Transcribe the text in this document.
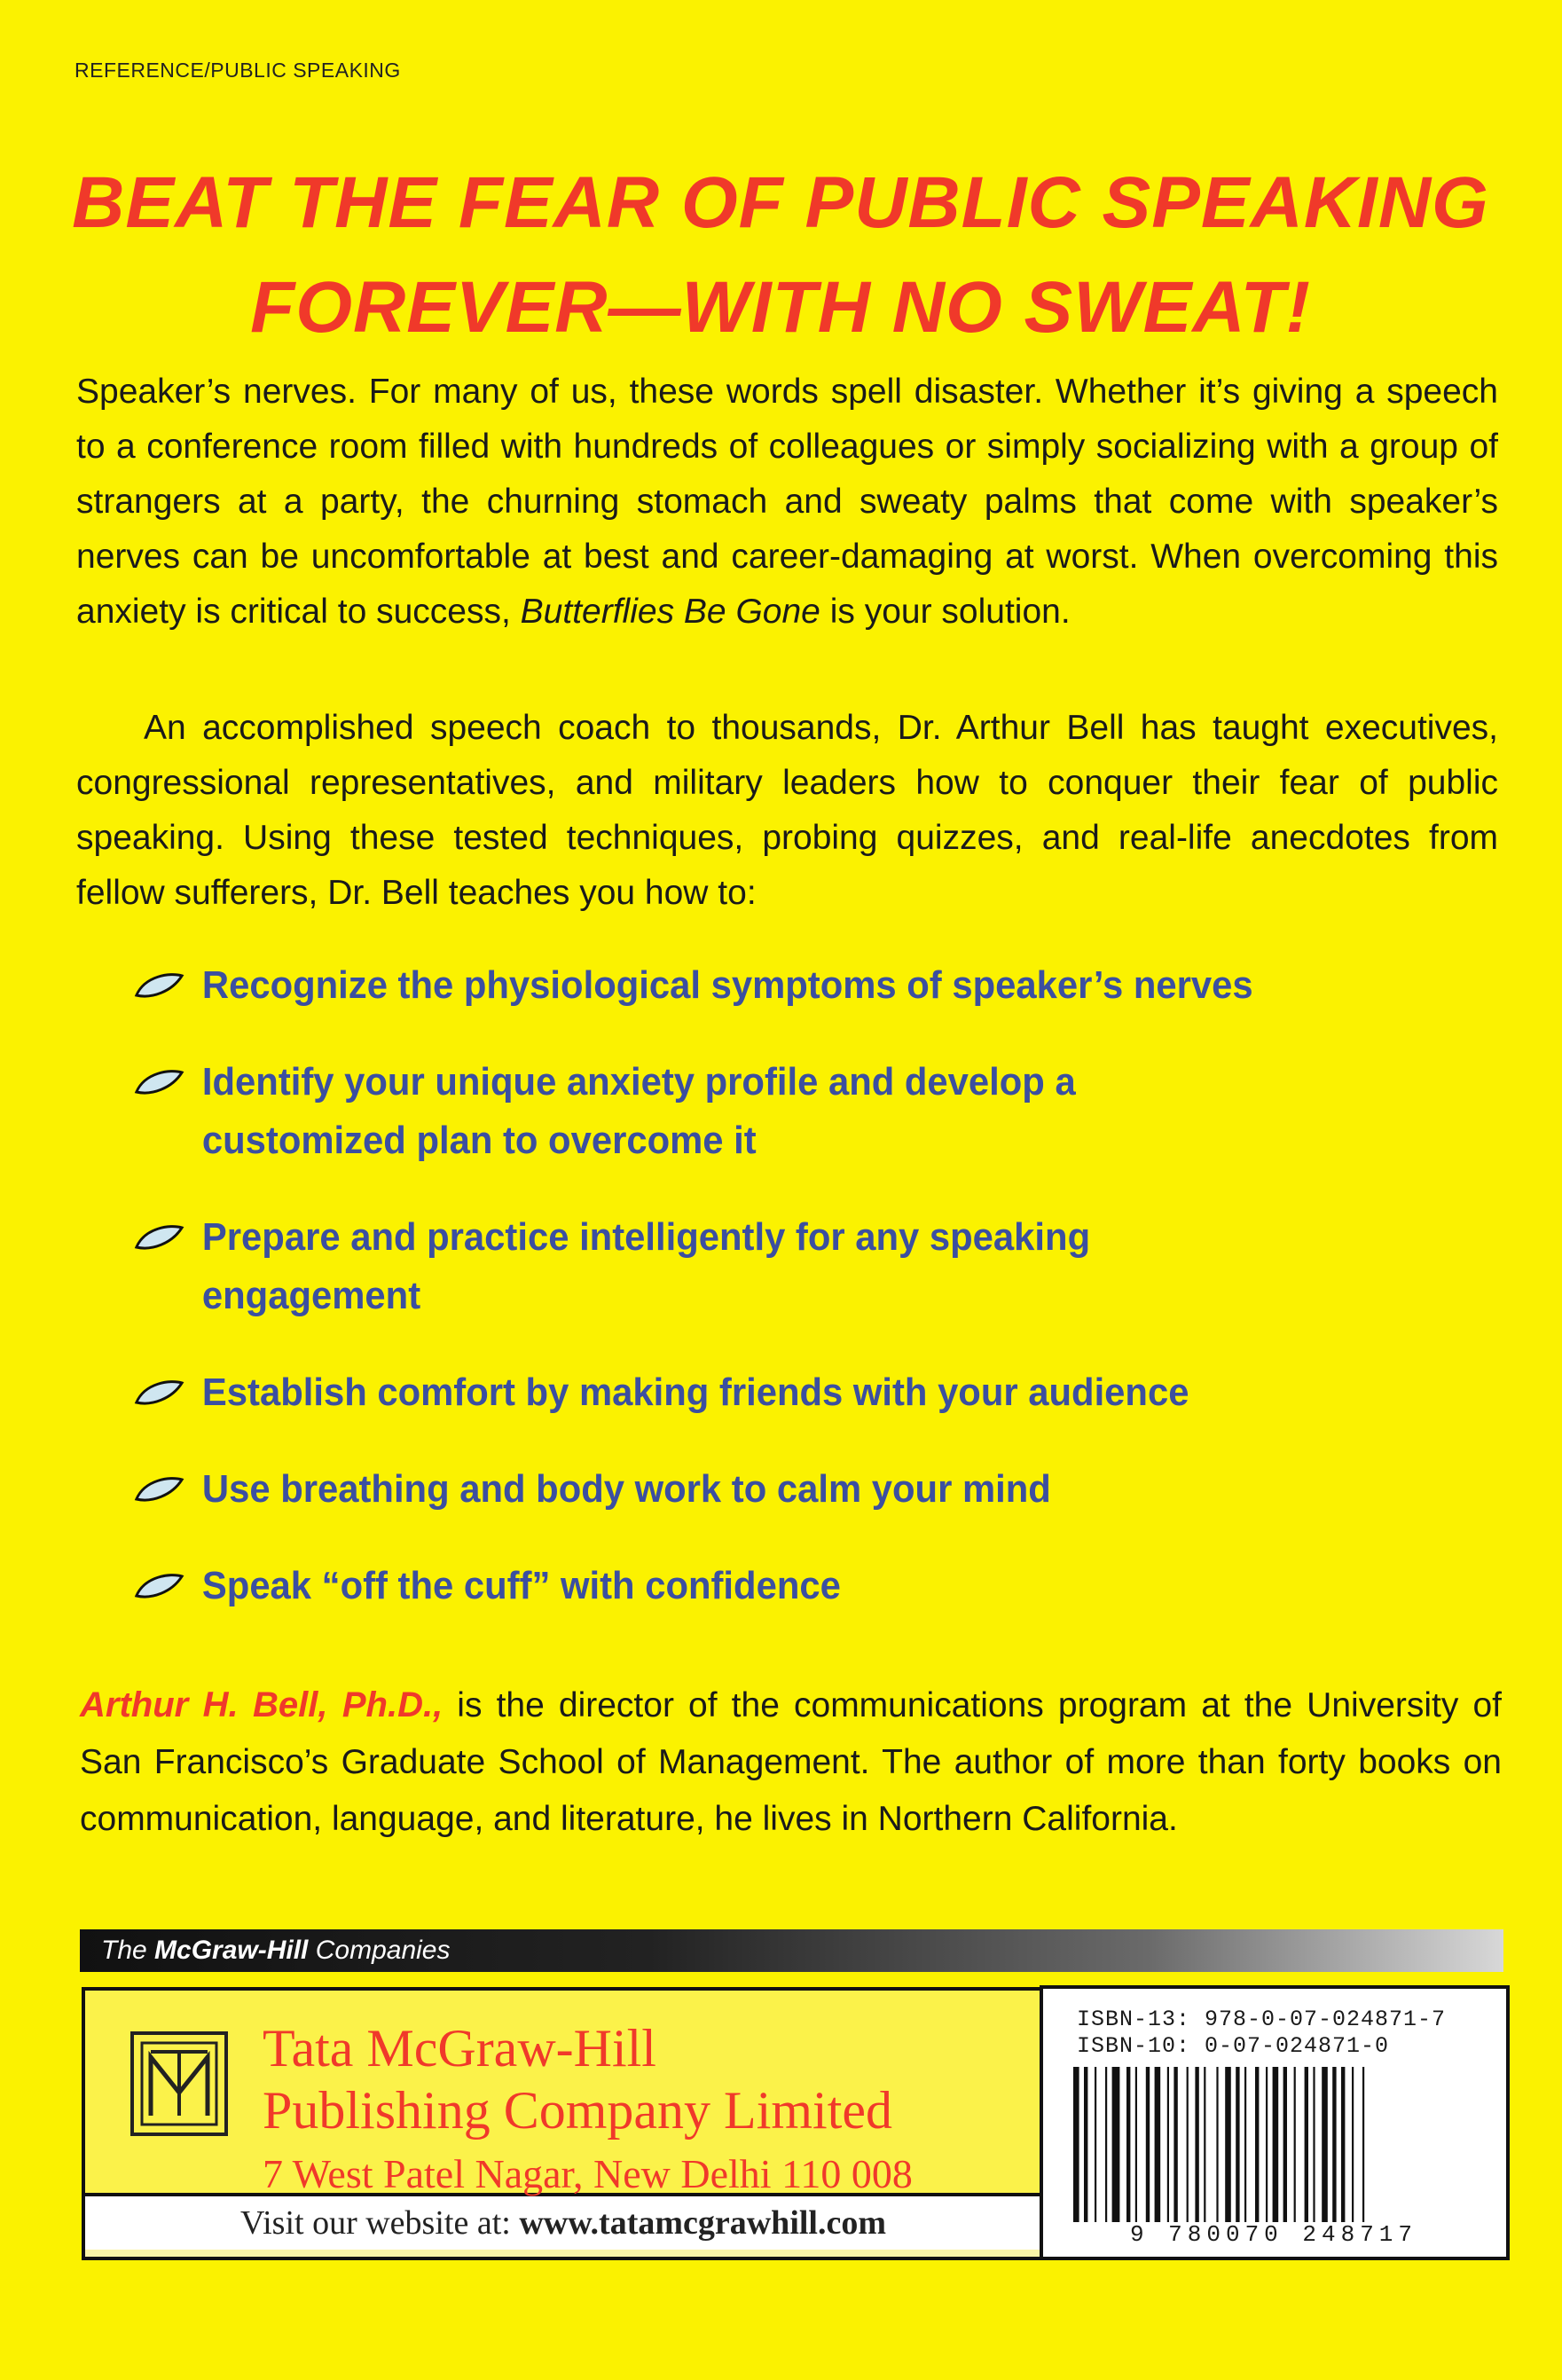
REFERENCE/PUBLIC SPEAKING
BEAT THE FEAR OF PUBLIC SPEAKING
FOREVER—WITH NO SWEAT!

Speaker’s nerves. For many of us, these words spell disaster. Whether it’s giving a speech to a conference room filled with hundreds of colleagues or simply socializing with a group of strangers at a party, the churning stomach and sweaty palms that come with speaker’s nerves can be uncomfortable at best and career-damaging at worst. When overcoming this anxiety is critical to success, Butterflies Be Gone is your solution.

An accomplished speech coach to thousands, Dr. Arthur Bell has taught executives, congressional representatives, and military leaders how to conquer their fear of public speaking. Using these tested techniques, probing quizzes, and real-life anecdotes from fellow sufferers, Dr. Bell teaches you how to:

Recognize the physiological symptoms of speaker’s nerves
Identify your unique anxiety profile and develop a customized plan to overcome it
Prepare and practice intelligently for any speaking engagement
Establish comfort by making friends with your audience
Use breathing and body work to calm your mind
Speak “off the cuff” with confidence

Arthur H. Bell, Ph.D., is the director of the communications program at the University of San Francisco’s Graduate School of Management. The author of more than forty books on communication, language, and literature, he lives in Northern California.

The McGraw-Hill Companies
Tata McGraw-Hill
Publishing Company Limited
7 West Patel Nagar, New Delhi 110 008
Visit our website at: www.tatamcgrawhill.com
ISBN-13: 978-0-07-024871-7
ISBN-10: 0-07-024871-0
9 780070 248717
